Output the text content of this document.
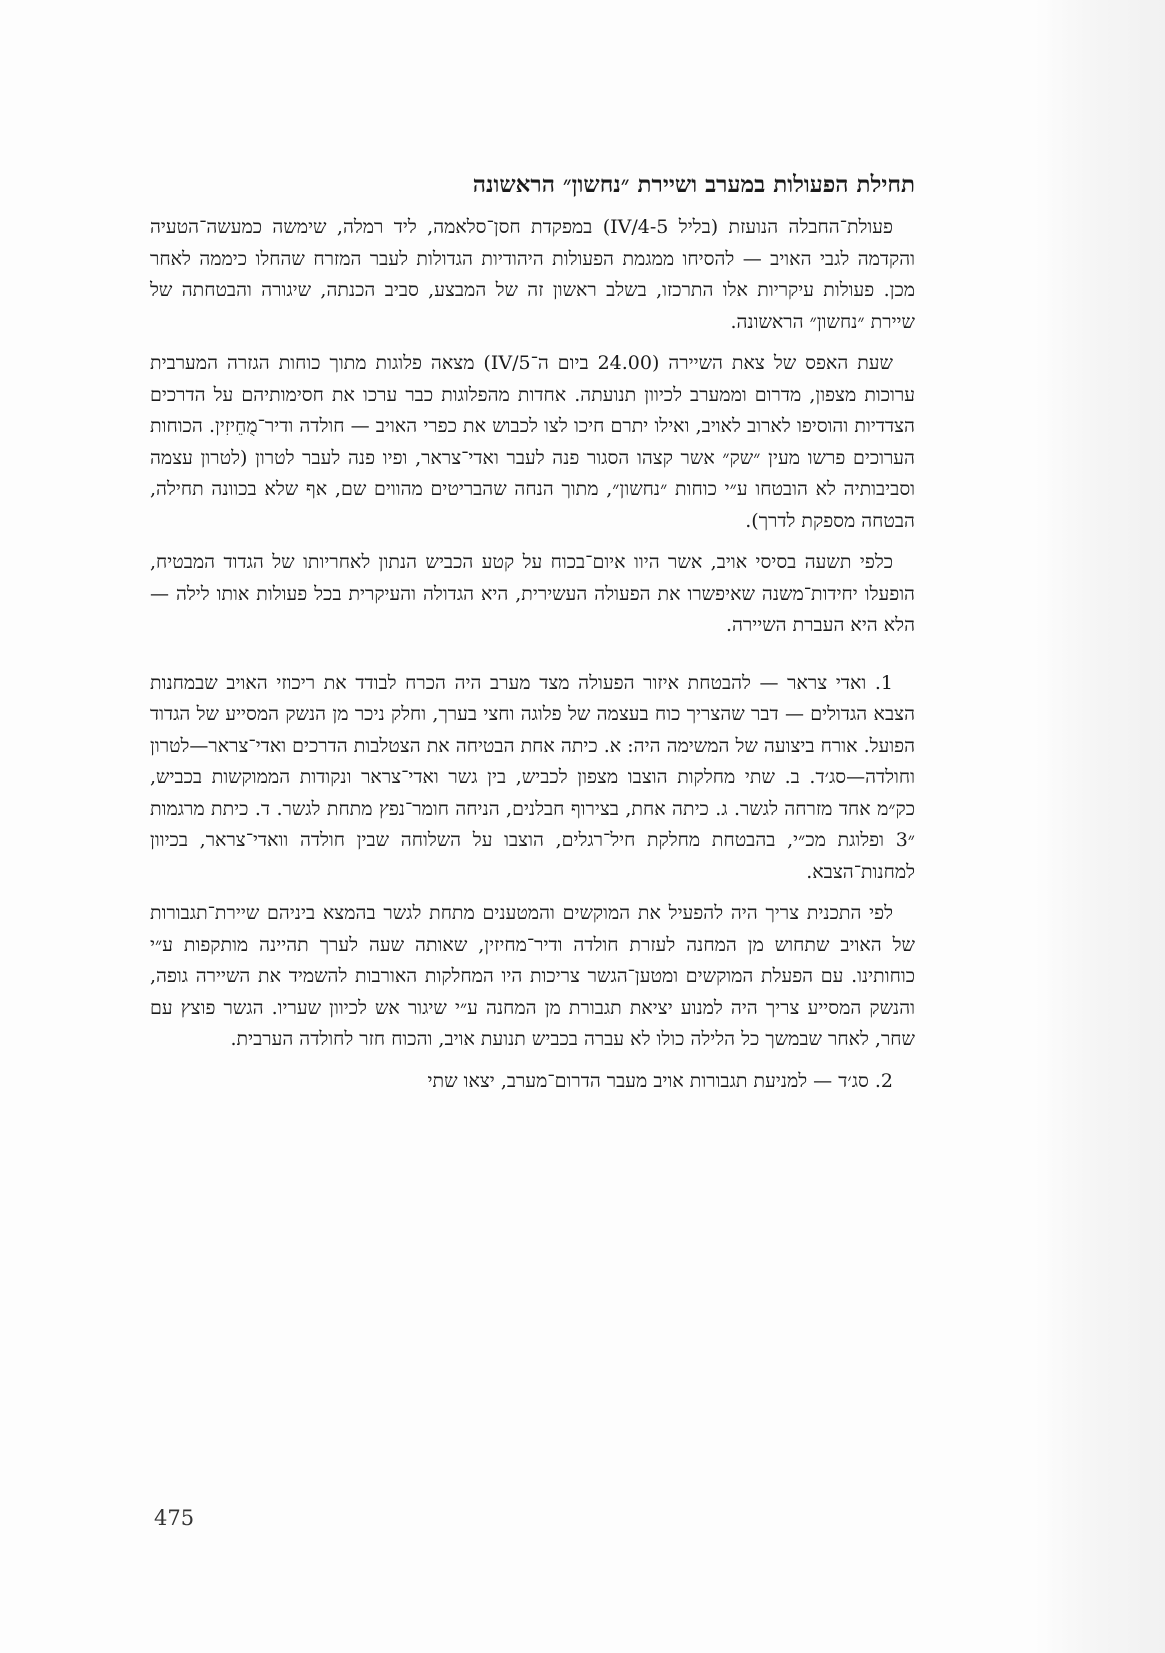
תחילת הפעולות במערב ושיירת ״נחשון״ הראשונה

פעולת־החבלה הנועזת (בליל 4-5/IV) במפקדת חסן־סלאמה, ליד רמלה, שימשה כמעשה־הטעיה והקדמה לגבי האויב — להסיחו ממגמת הפעולות היהודיות הגדולות לעבר המזרח שהחלו כיממה לאחר מכן. פעולות עיקריות אלו התרכזו, בשלב ראשון זה של המבצע, סביב הכנתה, שיגורה והבטחתה של שיירת ״נחשון״ הראשונה.

שעת האפס של צאת השיירה (24.00 ביום ה־5/IV) מצאה פלוגות מתוך כוחות הגזרה המערבית ערוכות מצפון, מדרום וממערב לכיוון תנועתה. אחדות מהפלוגות כבר ערכו את חסימותיהם על הדרכים הצדדיות והוסיפו לארוב לאויב, ואילו יתרם חיכו לצו לכבוש את כפרי האויב — חולדה ודיר־מֻחֵיזִין. הכוחות הערוכים פרשו מעין ״שק״ אשר קצהו הסגור פנה לעבר ואדי־צראר, ופיו פנה לעבר לטרון (לטרון עצמה וסביבותיה לא הובטחו ע״י כוחות ״נחשון״, מתוך הנחה שהבריטים מהווים שם, אף שלא בכוונה תחילה, הבטחה מספקת לדרך).

כלפי תשעה בסיסי אויב, אשר היוו איום־בכוח על קטע הכביש הנתון לאחריותו של הגדוד המבטיח, הופעלו יחידות־משנה שאיפשרו את הפעולה העשירית, היא הגדולה והעיקרית בכל פעולות אותו לילה — הלא היא העברת השיירה.

1. ואדי צראר — להבטחת איזור הפעולה מצד מערב היה הכרח לבודד את ריכוזי האויב שבמחנות הצבא הגדולים — דבר שהצריך כוח בעצמה של פלוגה וחצי בערך, וחלק ניכר מן הנשק המסייע של הגדוד הפועל. אורח ביצועה של המשימה היה: א. כיתה אחת הבטיחה את הצטלבות הדרכים ואדי־צראר—לטרון וחולדה—סג׳ד. ב. שתי מחלקות הוצבו מצפון לכביש, בין גשר ואדי־צראר ונקודות הממוקשות בכביש, כק״מ אחד מזרחה לגשר. ג. כיתה אחת, בצירוף חבלנים, הניחה חומר־נפץ מתחת לגשר. ד. כיתת מרגמות ״3 ופלוגת מכ״י, בהבטחת מחלקת חיל־רגלים, הוצבו על השלוחה שבין חולדה וואדי־צראר, בכיוון למחנות־הצבא.

לפי התכנית צריך היה להפעיל את המוקשים והמטענים מתחת לגשר בהמצא ביניהם שיירת־תגבורות של האויב שתחוש מן המחנה לעזרת חולדה ודיר־מחיזין, שאותה שעה לערך תהיינה מותקפות ע״י כוחותינו. עם הפעלת המוקשים ומטען־הגשר צריכות היו המחלקות האורבות להשמיד את השיירה גופה, והנשק המסייע צריך היה למנוע יציאת תגבורת מן המחנה ע״י שיגור אש לכיוון שעריו. הגשר פוצץ עם שחר, לאחר שבמשך כל הלילה כולו לא עברה בכביש תנועת אויב, והכוח חזר לחולדה הערבית.

2. סג׳ד — למניעת תגבורות אויב מעבר הדרום־מערב, יצאו שתי

475
